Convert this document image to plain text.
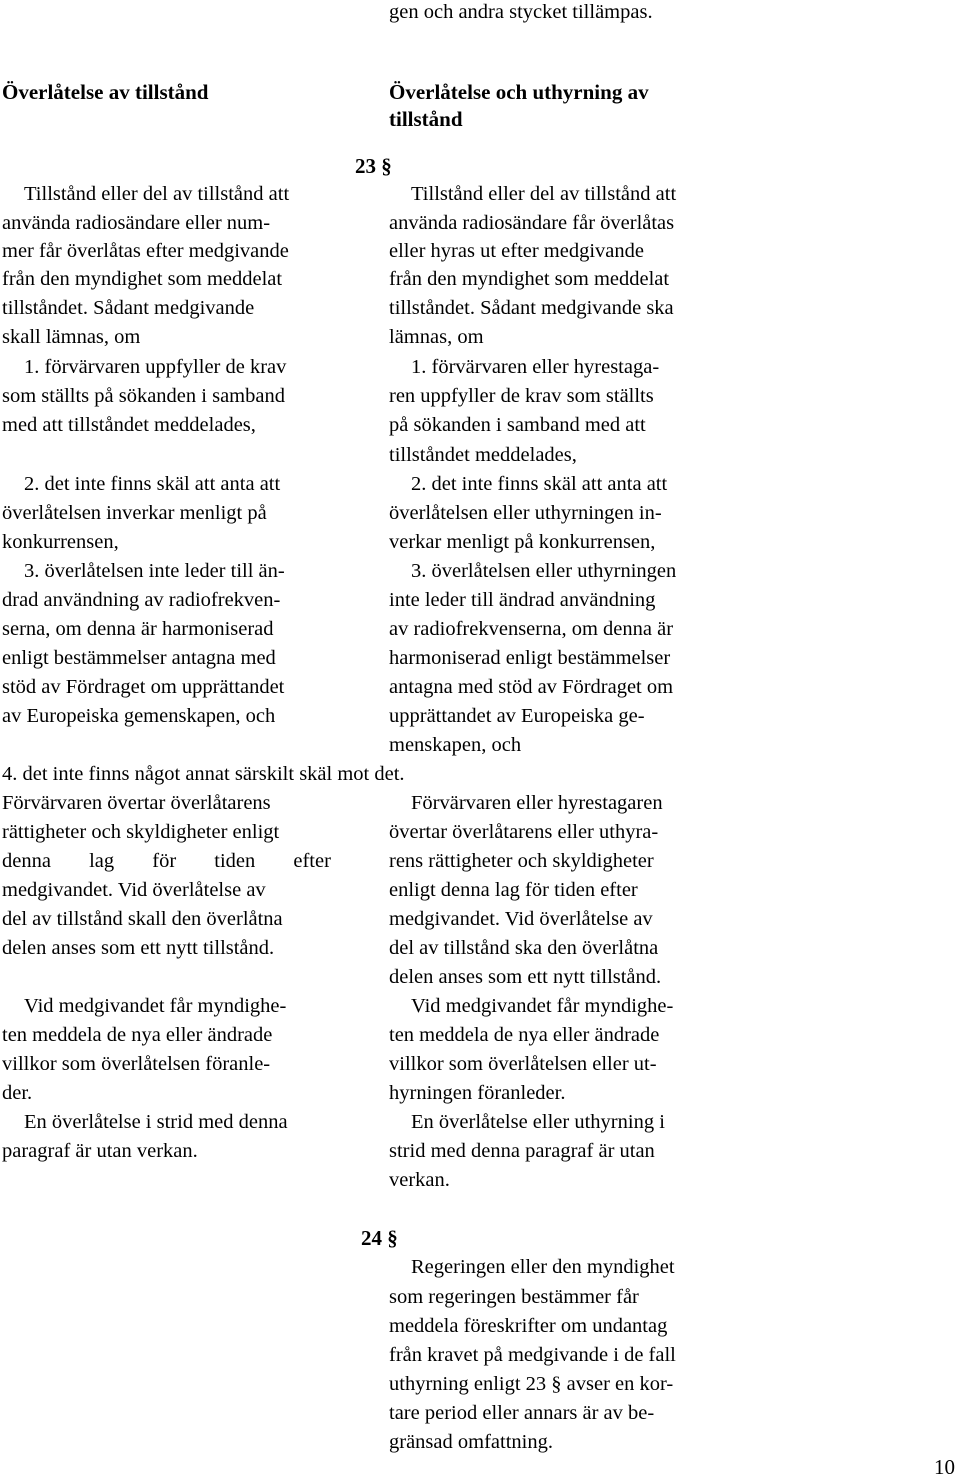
gen och andra stycket tillämpas.
Överlåtelse av tillstånd	Överlåtelse och uthyrning av
tillstånd
23 §
Tillstånd eller del av tillstånd att
använda radiosändare eller num-
mer får överlåtas efter medgivande
från den myndighet som meddelat
tillståndet. Sådant medgivande
skall lämnas, om
1. förvärvaren uppfyller de krav
som ställts på sökanden i samband
med att tillståndet meddelades,
2. det inte finns skäl att anta att
överlåtelsen inverkar menligt på
konkurrensen,
3. överlåtelsen inte leder till än-
drad användning av radiofrekven-
serna, om denna är harmoniserad
enligt bestämmelser antagna med
stöd av Fördraget om upprättandet
av Europeiska gemenskapen, och
4. det inte finns något annat särskilt skäl mot det.
Förvärvaren övertar överlåtarens
rättigheter och skyldigheter enligt
denna lag för tiden efter
medgivandet. Vid överlåtelse av
del av tillstånd skall den överlåtna
delen anses som ett nytt tillstånd.
Vid medgivandet får myndighe-
ten meddela de nya eller ändrade
villkor som överlåtelsen föranle-
der.
En överlåtelse i strid med denna
paragraf är utan verkan.
Tillstånd eller del av tillstånd att
använda radiosändare får överlåtas
eller hyras ut efter medgivande
från den myndighet som meddelat
tillståndet. Sådant medgivande ska
lämnas, om
1. förvärvaren eller hyrestaga-
ren uppfyller de krav som ställts
på sökanden i samband med att
tillståndet meddelades,
2. det inte finns skäl att anta att
överlåtelsen eller uthyrningen in-
verkar menligt på konkurrensen,
3. överlåtelsen eller uthyrningen
inte leder till ändrad användning
av radiofrekvenserna, om denna är
harmoniserad enligt bestämmelser
antagna med stöd av Fördraget om
upprättandet av Europeiska ge-
menskapen, och
Förvärvaren eller hyrestagaren
övertar överlåtarens eller uthyra-
rens rättigheter och skyldigheter
enligt denna lag för tiden efter
medgivandet. Vid överlåtelse av
del av tillstånd ska den överlåtna
delen anses som ett nytt tillstånd.
Vid medgivandet får myndighe-
ten meddela de nya eller ändrade
villkor som överlåtelsen eller ut-
hyrningen föranleder.
En överlåtelse eller uthyrning i
strid med denna paragraf är utan
verkan.
24 §
Regeringen eller den myndighet
som regeringen bestämmer får
meddela föreskrifter om undantag
från kravet på medgivande i de fall
uthyrning enligt 23 § avser en kor-
tare period eller annars är av be-
gränsad omfattning.
10
